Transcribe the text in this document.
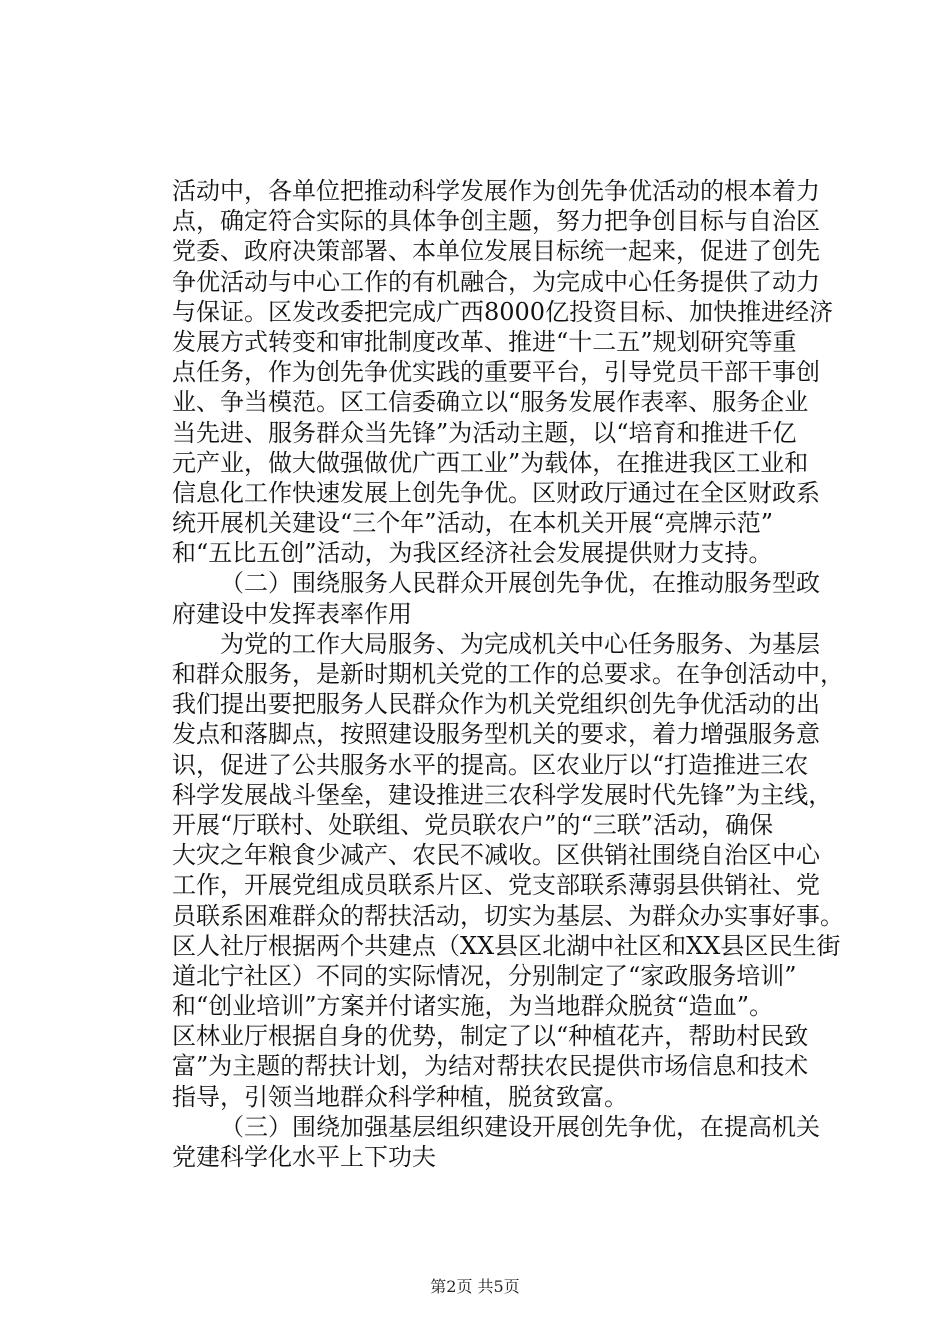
活动中，各单位把推动科学发展作为创先争优活动的根本着力
点，确定符合实际的具体争创主题，努力把争创目标与自治区
党委、政府决策部署、本单位发展目标统一起来，促进了创先
争优活动与中心工作的有机融合，为完成中心任务提供了动力
与保证。区发改委把完成广西8000亿投资目标、加快推进经济
发展方式转变和审批制度改革、推进“十二五”规划研究等重
点任务，作为创先争优实践的重要平台，引导党员干部干事创
业、争当模范。区工信委确立以“服务发展作表率、服务企业
当先进、服务群众当先锋”为活动主题，以“培育和推进千亿
元产业，做大做强做优广西工业”为载体，在推进我区工业和
信息化工作快速发展上创先争优。区财政厅通过在全区财政系
统开展机关建设“三个年”活动，在本机关开展“亮牌示范”
和“五比五创”活动，为我区经济社会发展提供财力支持。
（二）围绕服务人民群众开展创先争优，在推动服务型政
府建设中发挥表率作用
为党的工作大局服务、为完成机关中心任务服务、为基层
和群众服务，是新时期机关党的工作的总要求。在争创活动中，
我们提出要把服务人民群众作为机关党组织创先争优活动的出
发点和落脚点，按照建设服务型机关的要求，着力增强服务意
识，促进了公共服务水平的提高。区农业厅以“打造推进三农
科学发展战斗堡垒，建设推进三农科学发展时代先锋”为主线，
开展“厅联村、处联组、党员联农户”的“三联”活动，确保
大灾之年粮食少减产、农民不减收。区供销社围绕自治区中心
工作，开展党组成员联系片区、党支部联系薄弱县供销社、党
员联系困难群众的帮扶活动，切实为基层、为群众办实事好事。
区人社厅根据两个共建点（XX县区北湖中社区和XX县区民生街
道北宁社区）不同的实际情况，分别制定了“家政服务培训”
和“创业培训”方案并付诸实施，为当地群众脱贫“造血”。
区林业厅根据自身的优势，制定了以“种植花卉，帮助村民致
富”为主题的帮扶计划，为结对帮扶农民提供市场信息和技术
指导，引领当地群众科学种植，脱贫致富。
（三）围绕加强基层组织建设开展创先争优，在提高机关
党建科学化水平上下功夫
第2页 共5页
